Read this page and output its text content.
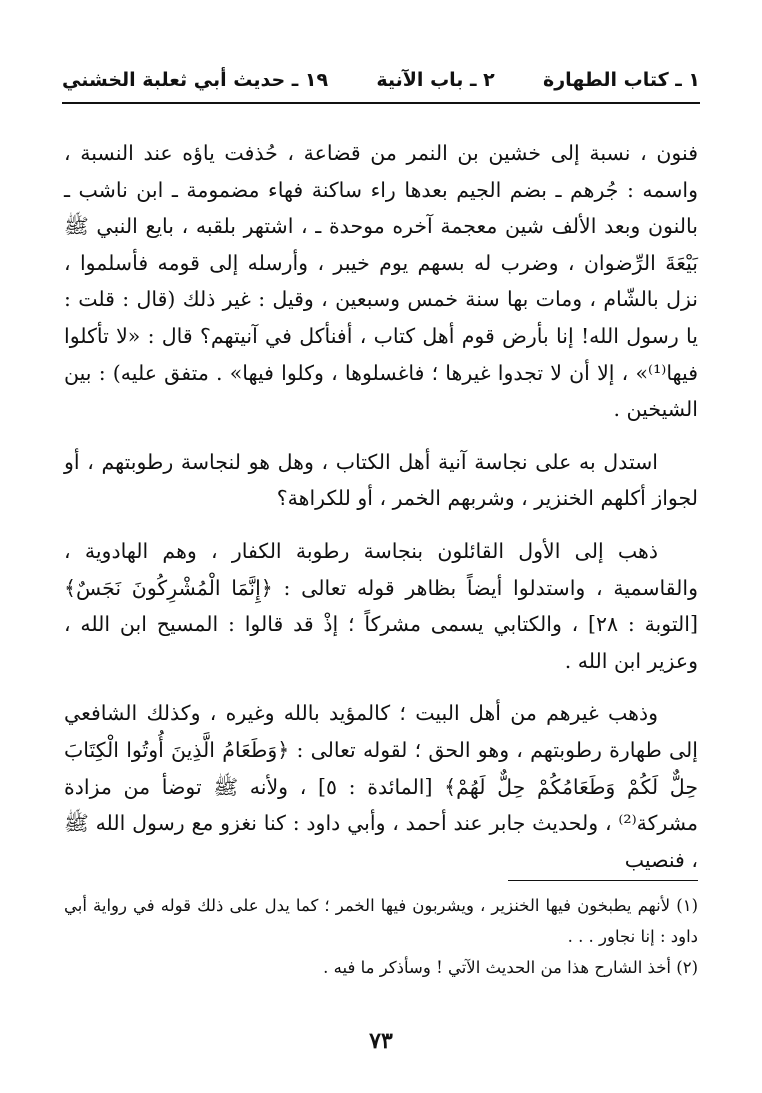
١ ـ كتاب الطهارة
٢ ـ باب الآنية
١٩ ـ حديث أبي ثعلبة الخشني

فنون ، نسبة إلى خشين بن النمر من قضاعة ، حُذفت ياؤه عند النسبة ، واسمه : جُرهم ـ بضم الجيم بعدها راء ساكنة فهاء مضمومة ـ ابن ناشب ـ بالنون وبعد الألف شين معجمة آخره موحدة ـ ، اشتهر بلقبه ، بايع النبي ﷺ بَيْعَةَ الرِّضوان ، وضرب له بسهم يوم خيبر ، وأرسله إلى قومه فأسلموا ، نزل بالشّام ، ومات بها سنة خمس وسبعين ، وقيل : غير ذلك (قال : قلت : يا رسول الله! إنا بأرض قوم أهل كتاب ، أفنأكل في آنيتهم؟ قال : «لا تأكلوا فيها⁽¹⁾» ، إلا أن لا تجدوا غيرها ؛ فاغسلوها ، وكلوا فيها» . متفق عليه) : بين الشيخين .

استدل به على نجاسة آنية أهل الكتاب ، وهل هو لنجاسة رطوبتهم ، أو لجواز أكلهم الخنزير ، وشربهم الخمر ، أو للكراهة؟

ذهب إلى الأول القائلون بنجاسة رطوبة الكفار ، وهم الهادوية ، والقاسمية ، واستدلوا أيضاً بظاهر قوله تعالى : ﴿إِنَّمَا الْمُشْرِكُونَ نَجَسٌ﴾ [التوبة : ٢٨] ، والكتابي يسمى مشركاً ؛ إذْ قد قالوا : المسيح ابن الله ، وعزير ابن الله .

وذهب غيرهم من أهل البيت ؛ كالمؤيد بالله وغيره ، وكذلك الشافعي إلى طهارة رطوبتهم ، وهو الحق ؛ لقوله تعالى : ﴿وَطَعَامُ الَّذِينَ أُوتُوا الْكِتَابَ حِلٌّ لَكُمْ وَطَعَامُكُمْ حِلٌّ لَهُمْ﴾ [المائدة : ٥] ، ولأنه ﷺ توضأ من مزادة مشركة⁽²⁾ ، ولحديث جابر عند أحمد ، وأبي داود : كنا نغزو مع رسول الله ﷺ ، فنصيب

(١) لأنهم يطبخون فيها الخنزير ، ويشربون فيها الخمر ؛ كما يدل على ذلك قوله في رواية أبي داود : إنا نجاور . . .

(٢) أخذ الشارح هذا من الحديث الآتي ! وسأذكر ما فيه .

٧٣
